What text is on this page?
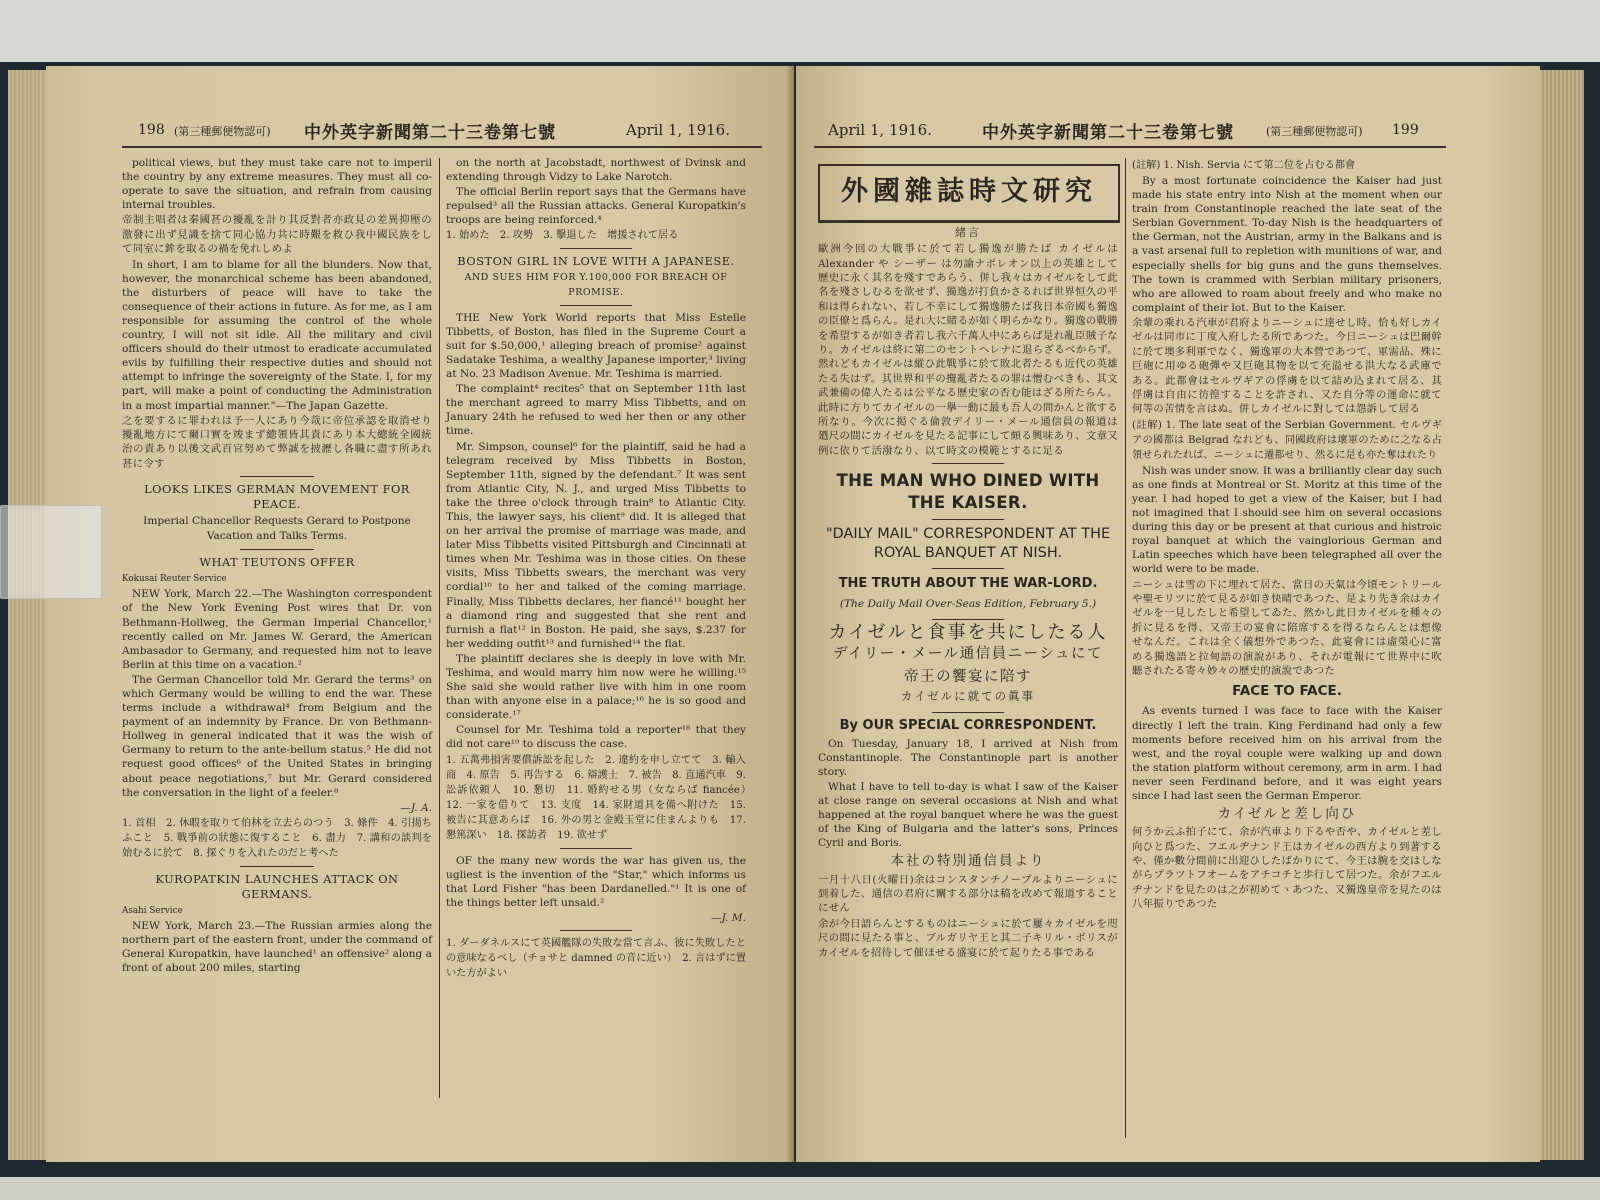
198 (第三種郵便物認可) 中外英字新聞第二十三卷第七號	April 1, 1916.

political views, but they must take care not to imperil the country by any extreme measures. They must all co-operate to save the situation, and refrain from causing internal troubles.

帝制主唱者は秦國甚の擾亂を計り其反對者亦政見の差異抑壓の激發に出ず見識を捨て同心協力共に時艱を救ひ我中國民族をして同室に鉾を取るの禍を免れしめよ

In short, I am to blame for all the blunders. Now that, however, the monarchical scheme has been abandoned, the disturbers of peace will have to take the consequence of their actions in future. As for me, as I am responsible for assuming the control of the whole country, I will not sit idle. All the military and civil officers should do their utmost to eradicate accumulated evils by fulfilling their respective duties and should not attempt to infringe the sovereignty of the State. I, for my part, will make a point of conducting the Administration in a most impartial manner."—The Japan Gazette.

之を要するに罪われは予一人にあり今哉に帝位承認を取消せり擾亂地方にて爾口實を竣まず總領皆其責にあり本大總統全國統治の責あり以後文武百官努めて弊誠を披瀝し各職に盡す所あれ甚に令す

LOOKS LIKES GERMAN MOVEMENT FOR PEACE.
Imperial Chancellor Requests Gerard to Postpone Vacation and Talks Terms.
WHAT TEUTONS OFFER

Kokusai Reuter Service

NEW York, March 22.—The Washington correspondent of the New York Evening Post wires that Dr. von Bethmann-Hollweg, the German Imperial Chancellor,¹ recently called on Mr. James W. Gerard, the American Ambasador to Germany, and requested him not to leave Berlin at this time on a vacation.²

The German Chancellor told Mr. Gerard the terms³ on which Germany would be willing to end the war. These terms include a withdrawal⁴ from Belgium and the payment of an indemnity by France. Dr. von Bethmann-Hollweg in general indicated that it was the wish of Germany to return to the ante-bellum status.⁵ He did not request good offices⁶ of the United States in bringing about peace negotiations,⁷ but Mr. Gerard considered the conversation in the light of a feeler.⁸

—J. A.

1. 首相　2. 休暇を取りて伯林を立去らのつう　3. 條件　4. 引揚ちふこと　5. 戰爭前の狀態に復すること　6. 盡力　7. 講和の談判を始むるに於て　8. 探ぐりを入れたのだと考へた

KUROPATKIN LAUNCHES ATTACK ON GERMANS.

Asahi Service

NEW York, March 23.—The Russian armies along the northern part of the eastern front, under the command of General Kuropatkin, have launched¹ an offensive² along a front of about 200 miles, starting

on the north at Jacobstadt, northwest of Dvinsk and extending through Vidzy to Lake Narotch.

The official Berlin report says that the Germans have repulsed³ all the Russian attacks. General Kuropatkin's troops are being reinforced.⁴

1. 始めた　2. 攻勢　3. 擊退した　增援されて居る

BOSTON GIRL IN LOVE WITH A JAPANESE.

AND SUES HIM FOR Y.100,000 FOR BREACH OF PROMISE.

THE New York World reports that Miss Estelle Tibbetts, of Boston, has filed in the Supreme Court a suit for $.50,000,¹ alleging breach of promise² against Sadatake Teshima, a wealthy Japanese importer,³ living at No. 23 Madison Avenue. Mr. Teshima is married.

The complaint⁴ recites⁵ that on September 11th last the merchant agreed to marry Miss Tibbetts, and on January 24th he refused to wed her then or any other time.

Mr. Simpson, counsel⁶ for the plaintiff, said he had a telegram received by Miss Tibbetts in Boston, September 11th, signed by the defendant.⁷ It was sent from Atlantic City, N. J., and urged Miss Tibbetts to take the three o'clock through train⁸ to Atlantic City. This, the lawyer says, his client⁹ did. It is alleged that on her arrival the promise of marriage was made, and later Miss Tibbetts visited Pittsburgh and Cincinnati at times when Mr. Teshima was in those cities. On these visits, Miss Tibbetts swears, the merchant was very cordial¹⁰ to her and talked of the coming marriage. Finally, Miss Tibbetts declares, her fiancé¹¹ bought her a diamond ring and suggested that she rent and furnish a flat¹² in Boston. He paid, she says, $.237 for her wedding outfit¹³ and furnished¹⁴ the flat.

The plaintiff declares she is deeply in love with Mr. Teshima, and would marry him now were he willing.¹⁵ She said she would rather live with him in one room than with anyone else in a palace;¹⁶ he is so good and considerate.¹⁷

Counsel for Mr. Teshima told a reporter¹⁸ that they did not care¹⁹ to discuss the case.

1. 五萬弗損害要償訴訟を起した　2. 違約を申し立てて　3. 輸入商　4. 原告　5. 再告する　6. 辯護士　7. 被告　8. 直通汽車　9. 訟訴依頼人　10. 懇切　11. 婚約せる男（女ならば fiancée）　12. 一家を借りて　13. 支度　14. 家財道具を備へ附けた　15. 被告に其意あらば　16. 外の男と金殿玉堂に住まんよりも　17. 懇篤深い　18. 探訪者　19. 欲せず

OF the many new words the war has given us, the ugliest is the invention of the "Star," which informs us that Lord Fisher "has been Dardanelled."¹ It is one of the things better left unsaid.²

—J. M.

1. ダーダネルスにて英國艦隊の失敗な當て言ふ、彼に失敗したとの意味なるべし（チョサと damned の音に近い）　2. 言はずに置いた方がよい

April 1, 1916.	中外英字新聞第二十三卷第七號	(第三種郵便物認可) 199
外國雜誌時文研究

緒言

歐洲今回の大戰爭に於て若し獨逸が勝たば カイゼルは Alexander や シーザー は勿論ナポレオン以上の英雄として歷史に永く其名を殘すであらう、併し我々はカイゼルをして此名を殘さしむるを欲せず、獨逸が打負かさるれば世界恒久の平和は得られない、若し不幸にして獨逸勝たば我日本帝國も獨逸の臣僚と爲らん。是れ大に睹るが如く明らかなり。獨逸の戰勝を希望するが如き者若し我六千萬人中にあらば是れ亂臣賊子なり。カイゼルは終に第二のセントヘレナに退らざるべからず。然れどもカイゼルは縱ひ此戰爭に於て敗北者たるも近代の英雄たる失はず。其世界和平の攪亂者たるの罪は憎むべきも、其文武兼備の偉人たるは公平なる歷史家の否む能はざる所たらん。此時に方りてカイゼルの一擧一動に最も吾人の問かんと欲する所なり。今次に掲ぐる倫敦デイリー・メール通信員の報道は 廼尺の間にカイゼルを見たる記事にして頗る興味あり、文章又例に依りて活潑なり、以て時文の模範とするに足る

THE MAN WHO DINED WITH THE KAISER.
"DAILY MAIL" CORRESPONDENT AT THE ROYAL BANQUET AT NISH.
THE TRUTH ABOUT THE WAR-LORD.

(The Daily Mail Over-Seas Edition, February 5.)

カイゼルと食事を共にしたる人

デイリー・メール通信員ニーシュにて

帝王の饗宴に陪す

カイゼルに就ての眞事

By OUR SPECIAL CORRESPONDENT.

On Tuesday, January 18, I arrived at Nish from Constantinople. The Constantinople part is another story.

What I have to tell to-day is what I saw of the Kaiser at close range on several occasions at Nish and what happened at the royal banquet where he was the guest of the King of Bulgaria and the latter's sons, Princes Cyril and Boris.

本社の特別通信員より

一月十八日(火曜日)余はコンスタンチノープルよりニーシュに到着した、通信の君府に關する部分は稿を改めて報道することにせん

余が今日語らんとするものはニーシュに於て屢々カイゼルを咫尺の間に見たる事と、ブルガリヤ王と其二子キリル・ボリスがカイゼルを招待して催ほせる盛宴に於て起りたる事である

(註解) 1. Nish. Servia にて第二位を占むる都會

By a most fortunate coincidence the Kaiser had just made his state entry into Nish at the moment when our train from Constantinople reached the late seat of the Serbian Government. To-day Nish is the headquarters of the German, not the Austrian, army in the Balkans and is a vast arsenal full to repletion with munitions of war, and especially shells for big guns and the guns themselves. The town is crammed with Serbian military prisoners, who are allowed to roam about freely and who make no complaint of their lot. But to the Kaiser.

余輩の乘れる汽車が君府よりニーシュに達せし時、恰も好しカイゼルは同市に丁度入府したる所であつた。今日ニーシュは巴爾幹に於て墺多利軍でなく、獨逸軍の大本營であつて、軍需品、殊に巨砲に用ゆる砲彈や又巨砲其物を以て充溢せる洪大なる武庫である。此都會はセルヴギアの俘虜を以て詰め込まれて居る、其俘虜は自由に彷徨することを許され、又た自分等の運命に就て何等の苦情を言はぬ。併しカイゼルに對しては怨訴して居る

(註解) 1. The late seat of the Serbian Government. セルヴギアの國都は Belgrad なれども、同國政府は壞軍のために之なる占領せられたれば、ニーシュに遷都せり、然るに是も亦た奪はれたり

Nish was under snow. It was a brilliantly clear day such as one finds at Montreal or St. Moritz at this time of the year. I had hoped to get a view of the Kaiser, but I had not imagined that I should see him on several occasions during this day or be present at that curious and histroic royal banquet at which the vainglorious German and Latin speeches which have been telegraphed all over the world were to be made.

ニーシュは雪の下に埋れて居た、當日の天氣は今頃モントリールや聖モリツに於て見るが如き快晴であつた、是より先き余はカイゼルを一見したしと希望してゐた、然かし此日カイゼルを種々の折に見るを得、又帝王の宴會に陪席するを得るならんとは想像せなんだ。これは全く儀想外であつた、此宴會には虛榮心に富める獨逸語と拉甸語の演說があり、それが電報にて世界中に吹聽されたる寄々妙々の歷史的演說であつた

FACE TO FACE.

As events turned I was face to face with the Kaiser directly I left the train. King Ferdinand had only a few moments before received him on his arrival from the west, and the royal couple were walking up and down the station platform without ceremony, arm in arm. I had never seen Ferdinand before, and it was eight years since I had last seen the German Emperor.

カイゼルと差し向ひ

何うか云ふ拍子にて、余が汽車より下るや否や、カイゼルと差し向ひと爲つた、フエルヂナンド王はカイゼルの西方より到著するや、僅か數分間前に出迎ひしたばかりにて、今王は腕を交はしながらプラツトフオームをアチコチと歩行して居つた。余がフエルヂナンドを見たのは之が初めてヽあつた、又獨逸皇帝を見たのは八年振りであつた
